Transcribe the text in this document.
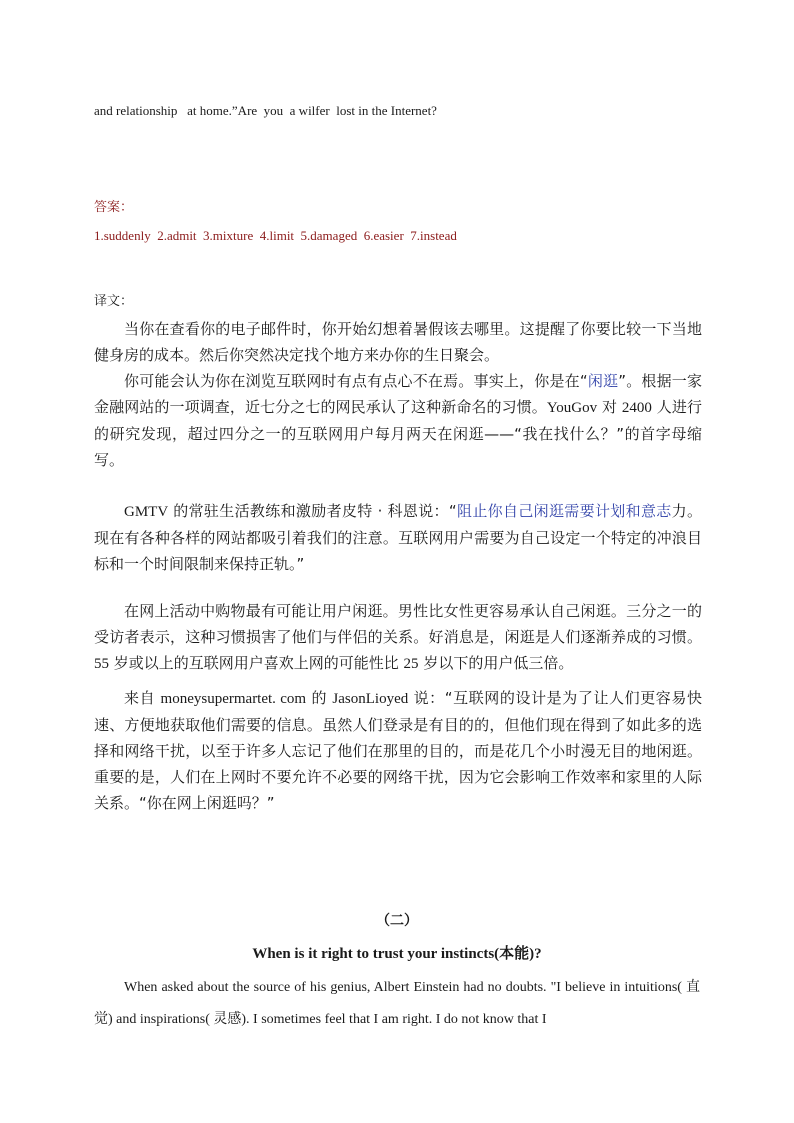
and relationship   at home.”Are  you  a wilfer  lost in the Internet?
答案：
1.suddenly  2.admit  3.mixture  4.limit  5.damaged  6.easier  7.instead
译文：

当你在查看你的电子邮件时，你开始幻想着暑假该去哪里。这提醒了你要比较一下当地健身房的成本。然后你突然决定找个地方来办你的生日聚会。

你可能会认为你在浏览互联网时有点有点心不在焉。事实上，你是在“闲逛”。根据一家金融网站的一项调查，近七分之七的网民承认了这种新命名的习惯。YouGov 对 2400 人进行的研究发现，超过四分之一的互联网用户每月两天在闲逛——“我在找什么？”的首字母缩写。

GMTV 的常驻生活教练和激励者皮特 · 科恩说：“阻止你自己闲逛需要计划和意志力。现在有各种各样的网站都吸引着我们的注意。互联网用户需要为自己设定一个特定的冲浪目标和一个时间限制来保持正轨。”

在网上活动中购物最有可能让用户闲逛。男性比女性更容易承认自己闲逛。三分之一的受访者表示，这种习惯损害了他们与伴侣的关系。好消息是，闲逛是人们逐渐养成的习惯。55 岁或以上的互联网用户喜欢上网的可能性比 25 岁以下的用户低三倍。

来自 moneysupermartet. com 的 JasonLioyed 说：“互联网的设计是为了让人们更容易快速、方便地获取他们需要的信息。虽然人们登录是有目的的，但他们现在得到了如此多的选择和网络干扰，以至于许多人忘记了他们在那里的目的，而是花几个小时漫无目的地闲逛。重要的是，人们在上网时不要允许不必要的网络干扰，因为它会影响工作效率和家里的人际关系。“你在网上闲逛吗？”

（二）
When is it right to trust your instincts(本能)?

When asked about the source of his genius, Albert Einstein had no doubts. "I believe in intuitions( 直觉) and inspirations( 灵感). I sometimes feel that I am right. I do not know that I
